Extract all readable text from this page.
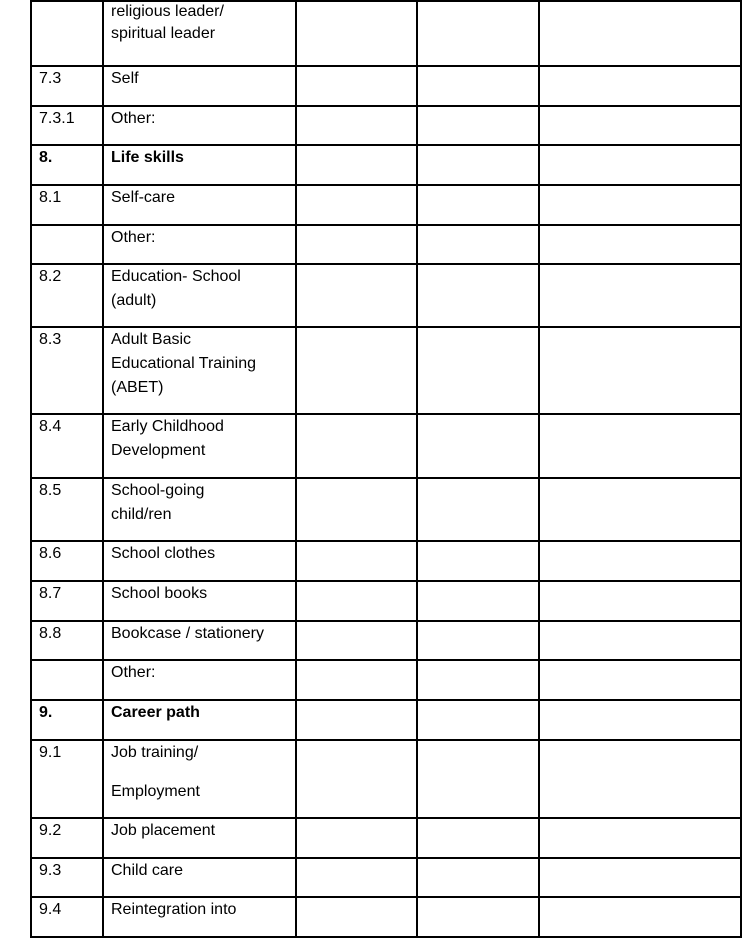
	religious leader/
spiritual leader			

7.3	Self			

7.3.1	Other:			

8.	Life skills			

8.1	Self-care			

	Other:			

8.2	Education- School
(adult)			

8.3	Adult Basic
Educational Training
(ABET)			

8.4	Early Childhood
Development			

8.5	School-going
child/ren			

8.6	School clothes			

8.7	School books			

8.8	Bookcase / stationery			

	Other:			

9.	Career path			

9.1	Job training/
Employment			

9.2	Job placement			

9.3	Child care			

9.4	Reintegration into			
